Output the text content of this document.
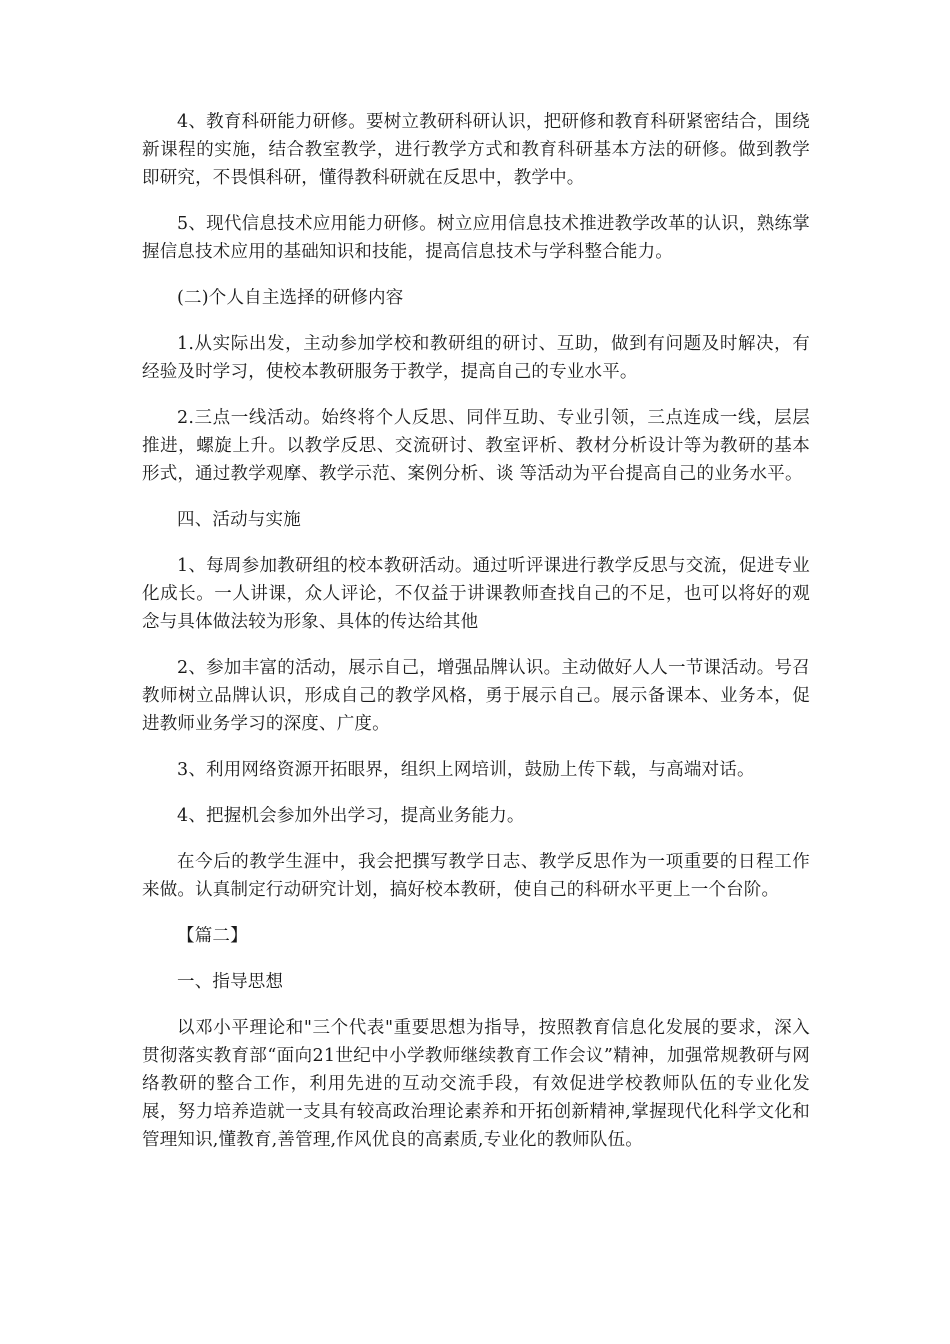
4、教育科研能力研修。要树立教研科研认识，把研修和教育科研紧密结合，围绕新课程的实施，结合教室教学，进行教学方式和教育科研基本方法的研修。做到教学即研究，不畏惧科研，懂得教科研就在反思中，教学中。

5、现代信息技术应用能力研修。树立应用信息技术推进教学改革的认识，熟练掌握信息技术应用的基础知识和技能，提高信息技术与学科整合能力。

(二)个人自主选择的研修内容

1.从实际出发，主动参加学校和教研组的研讨、互助，做到有问题及时解决，有经验及时学习，使校本教研服务于教学，提高自己的专业水平。

2.三点一线活动。始终将个人反思、同伴互助、专业引领，三点连成一线，层层推进，螺旋上升。以教学反思、交流研讨、教室评析、教材分析设计等为教研的基本形式，通过教学观摩、教学示范、案例分析、谈 等活动为平台提高自己的业务水平。

四、活动与实施

1、每周参加教研组的校本教研活动。通过听评课进行教学反思与交流，促进专业化成长。一人讲课，众人评论，不仅益于讲课教师查找自己的不足，也可以将好的观念与具体做法较为形象、具体的传达给其他

2、参加丰富的活动，展示自己，增强品牌认识。主动做好人人一节课活动。号召教师树立品牌认识，形成自己的教学风格，勇于展示自己。展示备课本、业务本，促进教师业务学习的深度、广度。

3、利用网络资源开拓眼界，组织上网培训，鼓励上传下载，与高端对话。

4、把握机会参加外出学习，提高业务能力。

在今后的教学生涯中，我会把撰写教学日志、教学反思作为一项重要的日程工作来做。认真制定行动研究计划，搞好校本教研，使自己的科研水平更上一个台阶。

【篇二】

一、指导思想

以邓小平理论和"三个代表"重要思想为指导，按照教育信息化发展的要求，深入贯彻落实教育部“面向21世纪中小学教师继续教育工作会议”精神，加强常规教研与网络教研的整合工作，利用先进的互动交流手段，有效促进学校教师队伍的专业化发展，努力培养造就一支具有较高政治理论素养和开拓创新精神,掌握现代化科学文化和管理知识,懂教育,善管理,作风优良的高素质,专业化的教师队伍。
